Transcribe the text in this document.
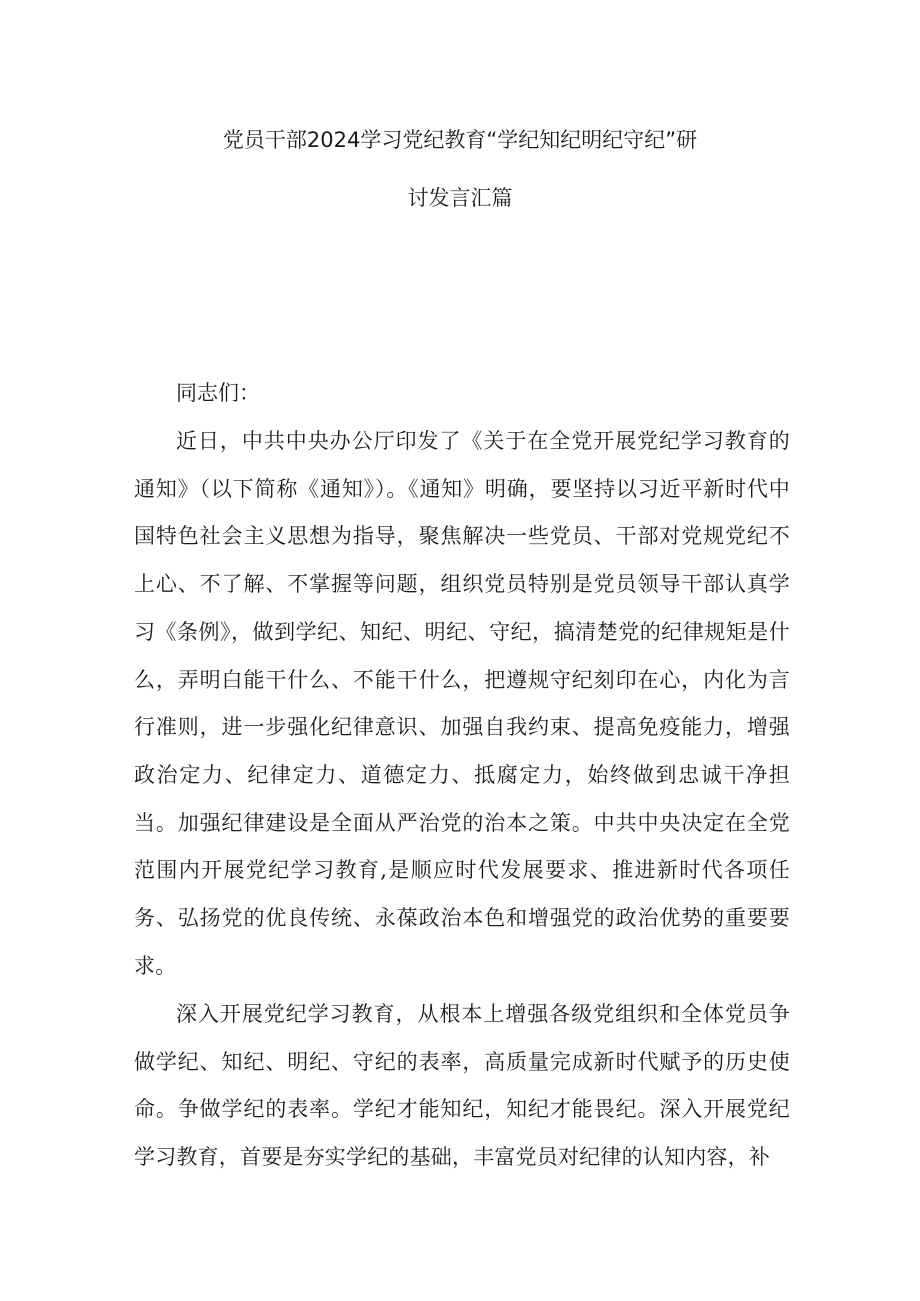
党员干部2024学习党纪教育“学纪知纪明纪守纪”研
讨发言汇篇

同志们：

近日，中共中央办公厅印发了《关于在全党开展党纪学习教育的通知》（以下简称《通知》）。《通知》明确，要坚持以习近平新时代中国特色社会主义思想为指导，聚焦解决一些党员、干部对党规党纪不上心、不了解、不掌握等问题，组织党员特别是党员领导干部认真学习《条例》，做到学纪、知纪、明纪、守纪，搞清楚党的纪律规矩是什么，弄明白能干什么、不能干什么，把遵规守纪刻印在心，内化为言行准则，进一步强化纪律意识、加强自我约束、提高免疫能力，增强政治定力、纪律定力、道德定力、抵腐定力，始终做到忠诚干净担当。加强纪律建设是全面从严治党的治本之策。中共中央决定在全党范围内开展党纪学习教育,是顺应时代发展要求、推进新时代各项任务、弘扬党的优良传统、永葆政治本色和增强党的政治优势的重要要求。

深入开展党纪学习教育，从根本上增强各级党组织和全体党员争做学纪、知纪、明纪、守纪的表率，高质量完成新时代赋予的历史使命。争做学纪的表率。学纪才能知纪，知纪才能畏纪。深入开展党纪学习教育，首要是夯实学纪的基础，丰富党员对纪律的认知内容，补
